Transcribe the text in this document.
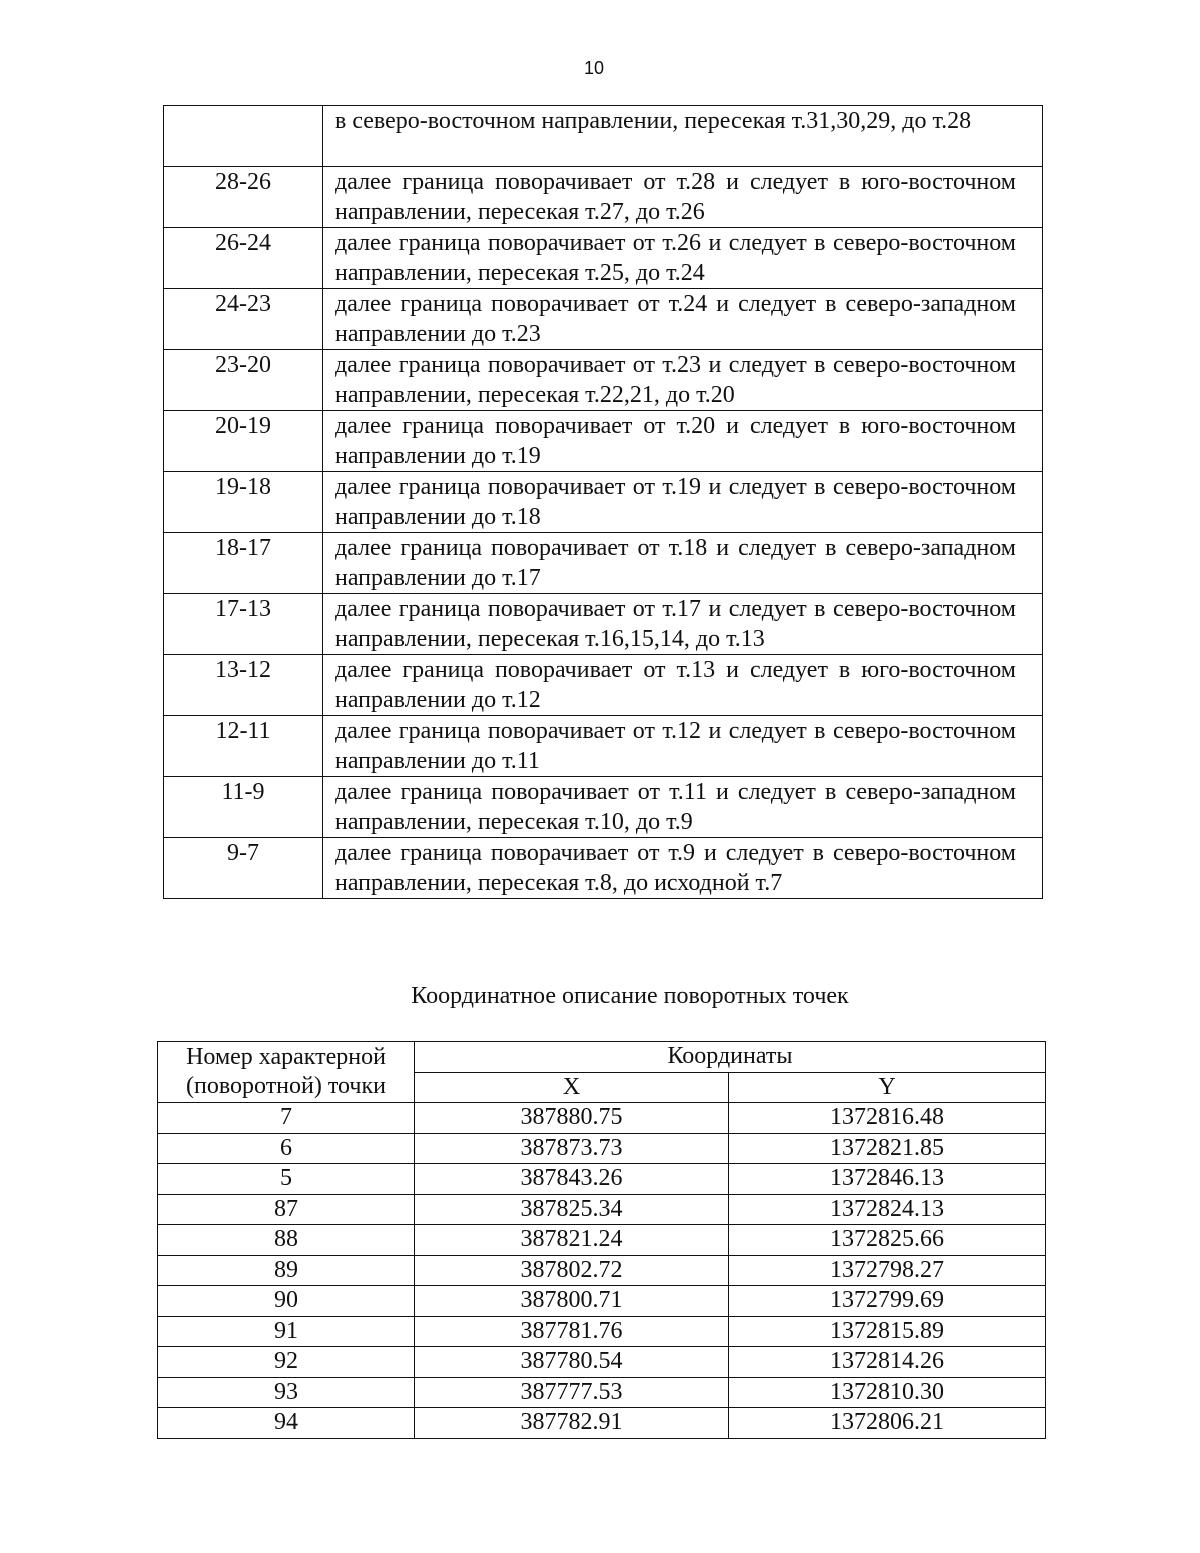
10
	в северо-восточном направлении, пересекая т.31,30,29, до т.28
28-26	далее граница поворачивает от т.28 и следует в юго-восточном направлении, пересекая т.27, до т.26
26-24	далее граница поворачивает от т.26 и следует в северо-восточном направлении, пересекая т.25, до т.24
24-23	далее граница поворачивает от т.24 и следует в северо-западном направлении до т.23
23-20	далее граница поворачивает от т.23 и следует в северо-восточном направлении, пересекая т.22,21, до т.20
20-19	далее граница поворачивает от т.20 и следует в юго-восточном направлении до т.19
19-18	далее граница поворачивает от т.19 и следует в северо-восточном направлении до т.18
18-17	далее граница поворачивает от т.18 и следует в северо-западном направлении до т.17
17-13	далее граница поворачивает от т.17 и следует в северо-восточном направлении, пересекая т.16,15,14, до т.13
13-12	далее граница поворачивает от т.13 и следует в юго-восточном направлении до т.12
12-11	далее граница поворачивает от т.12 и следует в северо-восточном направлении до т.11
11-9	далее граница поворачивает от т.11 и следует в северо-западном направлении, пересекая т.10, до т.9
9-7	далее граница поворачивает от т.9 и следует в северо-восточном направлении, пересекая т.8, до исходной т.7
Координатное описание поворотных точек
Номер характерной (поворотной) точки	Координаты	
	X	Y
7	387880.75	1372816.48
6	387873.73	1372821.85
5	387843.26	1372846.13
87	387825.34	1372824.13
88	387821.24	1372825.66
89	387802.72	1372798.27
90	387800.71	1372799.69
91	387781.76	1372815.89
92	387780.54	1372814.26
93	387777.53	1372810.30
94	387782.91	1372806.21
